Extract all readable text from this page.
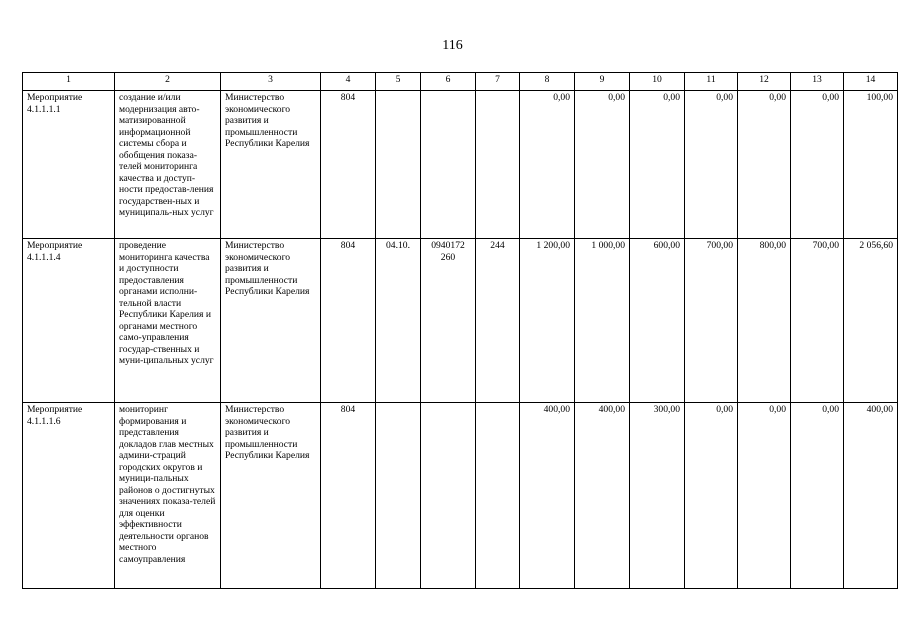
116
1	2	3	4	5	6	7	8	9	10	11	12	13	14
Мероприятие 4.1.1.1.1	создание и/или модернизация авто-матизированной информационной системы сбора и обобщения показа-телей мониторинга качества и доступ-ности предостав-ления государствен-ных и муниципаль-ных услуг	Министерство экономического развития и промышленности Республики Карелия	804				0,00	0,00	0,00	0,00	0,00	0,00	100,00
Мероприятие 4.1.1.1.4	проведение мониторинга качества и доступности предоставления органами исполни-тельной власти Республики Карелия и органами местного само-управления государ-ственных и муни-ципальных услуг	Министерство экономического развития и промышленности Республики Карелия	804	04.10.	0940172 260	244	1 200,00	1 000,00	600,00	700,00	800,00	700,00	2 056,60
Мероприятие 4.1.1.1.6	мониторинг формирования и представления докладов глав местных админи-страций городских округов и муници-пальных районов о достигнутых значениях показа-телей для оценки эффективности деятельности органов местного самоуправления	Министерство экономического развития и промышленности Республики Карелия	804				400,00	400,00	300,00	0,00	0,00	0,00	400,00
